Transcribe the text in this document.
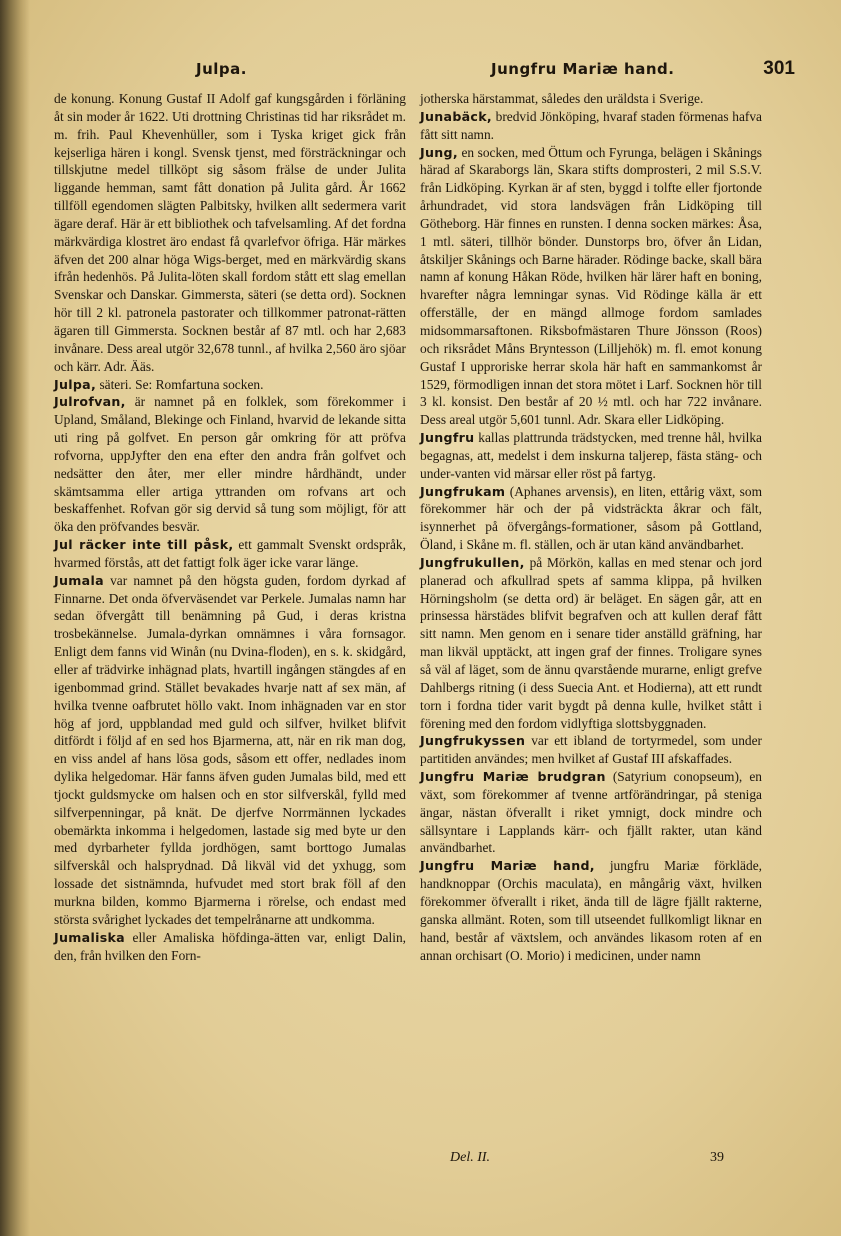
Julpa.	Jungfru Mariæ hand.	301

de konung. Konung Gustaf II Adolf gaf kungsgården i förläning åt sin moder år 1622. Uti drottning Christinas tid har riksrådet m. m. frih. Paul Khevenhüller, som i Tyska kriget gick från kejserliga hären i kongl. Svensk tjenst, med försträckningar och tillskjutne medel tillköpt sig såsom frälse de under Julita liggande hemman, samt fått donation på Julita gård. År 1662 tillföll egendomen slägten Palbitsky, hvilken allt sedermera varit ägare deraf. Här är ett bibliothek och tafvelsamling. Af det fordna märkvärdiga klostret äro endast få qvarlefvor öfriga. Här märkes äfven det 200 alnar höga Wigs-berget, med en märkvärdig skans ifrån hedenhös. På Julita-löten skall fordom stått ett slag emellan Svenskar och Danskar. Gimmersta, säteri (se detta ord). Socknen hör till 2 kl. patronela pastorater och tillkommer patronat-rätten ägaren till Gimmersta. Socknen består af 87 mtl. och har 2,683 invånare. Dess areal utgör 32,678 tunnl., af hvilka 2,560 äro sjöar och kärr. Adr. Ääs.

Julpa, säteri. Se: Romfartuna socken.

Julrofvan, är namnet på en folklek, som förekommer i Upland, Småland, Blekinge och Finland, hvarvid de lekande sitta uti ring på golfvet. En person går omkring för att pröfva rofvorna, uppJyfter den ena efter den andra från golfvet och nedsätter den åter, mer eller mindre hårdhändt, under skämtsamma eller artiga yttranden om rofvans art och beskaffenhet. Rofvan gör sig dervid så tung som möjligt, för att öka den pröfvandes besvär.

Jul räcker inte till påsk, ett gammalt Svenskt ordspråk, hvarmed förstås, att det fattigt folk äger icke varar länge.

Jumala var namnet på den högsta guden, fordom dyrkad af Finnarne. Det onda öfverväsendet var Perkele. Jumalas namn har sedan öfvergått till benämning på Gud, i deras kristna trosbekännelse. Jumala-dyrkan omnämnes i våra fornsagor. Enligt dem fanns vid Winån (nu Dvina-floden), en s. k. skidgård, eller af trädvirke inhägnad plats, hvartill ingången stängdes af en igenbommad grind. Stället bevakades hvarje natt af sex män, af hvilka tvenne oafbrutet höllo vakt. Inom inhägnaden var en stor hög af jord, uppblandad med guld och silfver, hvilket blifvit ditfördt i följd af en sed hos Bjarmerna, att, när en rik man dog, en viss andel af hans lösa gods, såsom ett offer, nedlades inom dylika helgedomar. Här fanns äfven guden Jumalas bild, med ett tjockt guldsmycke om halsen och en stor silfverskål, fylld med silfverpenningar, på knät. De djerfve Norrmännen lyckades obemärkta inkomma i helgedomen, lastade sig med byte ur den med dyrbarheter fyllda jordhögen, samt borttogo Jumalas silfverskål och halsprydnad. Då likväl vid det yxhugg, som lossade det sistnämnda, hufvudet med stort brak föll af den murkna bilden, kommo Bjarmerna i rörelse, och endast med största svårighet lyckades det tempelrånarne att undkomma.

Jumaliska eller Amaliska höfdinga-ätten var, enligt Dalin, den, från hvilken den Forn-

jotherska härstammat, således den uräldsta i Sverige.

Junabäck, bredvid Jönköping, hvaraf staden förmenas hafva fått sitt namn.

Jung, en socken, med Öttum och Fyrunga, belägen i Skånings härad af Skaraborgs län, Skara stifts domprosteri, 2 mil S.S.V. från Lidköping. Kyrkan är af sten, byggd i tolfte eller fjortonde århundradet, vid stora landsvägen från Lidköping till Götheborg. Här finnes en runsten. I denna socken märkes: Åsa, 1 mtl. säteri, tillhör bönder. Dunstorps bro, öfver ån Lidan, åtskiljer Skånings och Barne härader. Rödinge backe, skall bära namn af konung Håkan Röde, hvilken här lärer haft en boning, hvarefter några lemningar synas. Vid Rödinge källa är ett offerställe, der en mängd allmoge fordom samlades midsommarsaftonen. Riksbofmästaren Thure Jönsson (Roos) och riksrådet Måns Bryntesson (Lilljehök) m. fl. emot konung Gustaf I upproriske herrar skola här haft en sammankomst år 1529, förmodligen innan det stora mötet i Larf. Socknen hör till 3 kl. konsist. Den består af 20 ½ mtl. och har 722 invånare. Dess areal utgör 5,601 tunnl. Adr. Skara eller Lidköping.

Jungfru kallas plattrunda trädstycken, med trenne hål, hvilka begagnas, att, medelst i dem inskurna taljerep, fästa stäng- och under-vanten vid märsar eller röst på fartyg.

Jungfrukam (Aphanes arvensis), en liten, ettårig växt, som förekommer här och der på vidsträckta åkrar och fält, isynnerhet på öfvergångs-formationer, såsom på Gottland, Öland, i Skåne m. fl. ställen, och är utan känd användbarhet.

Jungfrukullen, på Mörkön, kallas en med stenar och jord planerad och afkullrad spets af samma klippa, på hvilken Hörningsholm (se detta ord) är beläget. En sägen går, att en prinsessa härstädes blifvit begrafven och att kullen deraf fått sitt namn. Men genom en i senare tider anställd gräfning, har man likväl upptäckt, att ingen graf der finnes. Troligare synes så väl af läget, som de ännu qvarstående murarne, enligt grefve Dahlbergs ritning (i dess Suecia Ant. et Hodierna), att ett rundt torn i fordna tider varit bygdt på denna kulle, hvilket stått i förening med den fordom vidlyftiga slottsbyggnaden.

Jungfrukyssen var ett ibland de tortyrmedel, som under partitiden användes; men hvilket af Gustaf III afskaffades.

Jungfru Mariæ brudgran (Satyrium conopseum), en växt, som förekommer af tvenne artförändringar, på steniga ängar, nästan öfverallt i riket ymnigt, dock mindre och sällsyntare i Lapplands kärr- och fjällt rakter, utan känd användbarhet.

Jungfru Mariæ hand, jungfru Mariæ förkläde, handknoppar (Orchis maculata), en mångårig växt, hvilken förekommer öfverallt i riket, ända till de lägre fjällt rakterne, ganska allmänt. Roten, som till utseendet fullkomligt liknar en hand, består af växtslem, och användes likasom roten af en annan orchisart (O. Morio) i medicinen, under namn

Del. II.	39
